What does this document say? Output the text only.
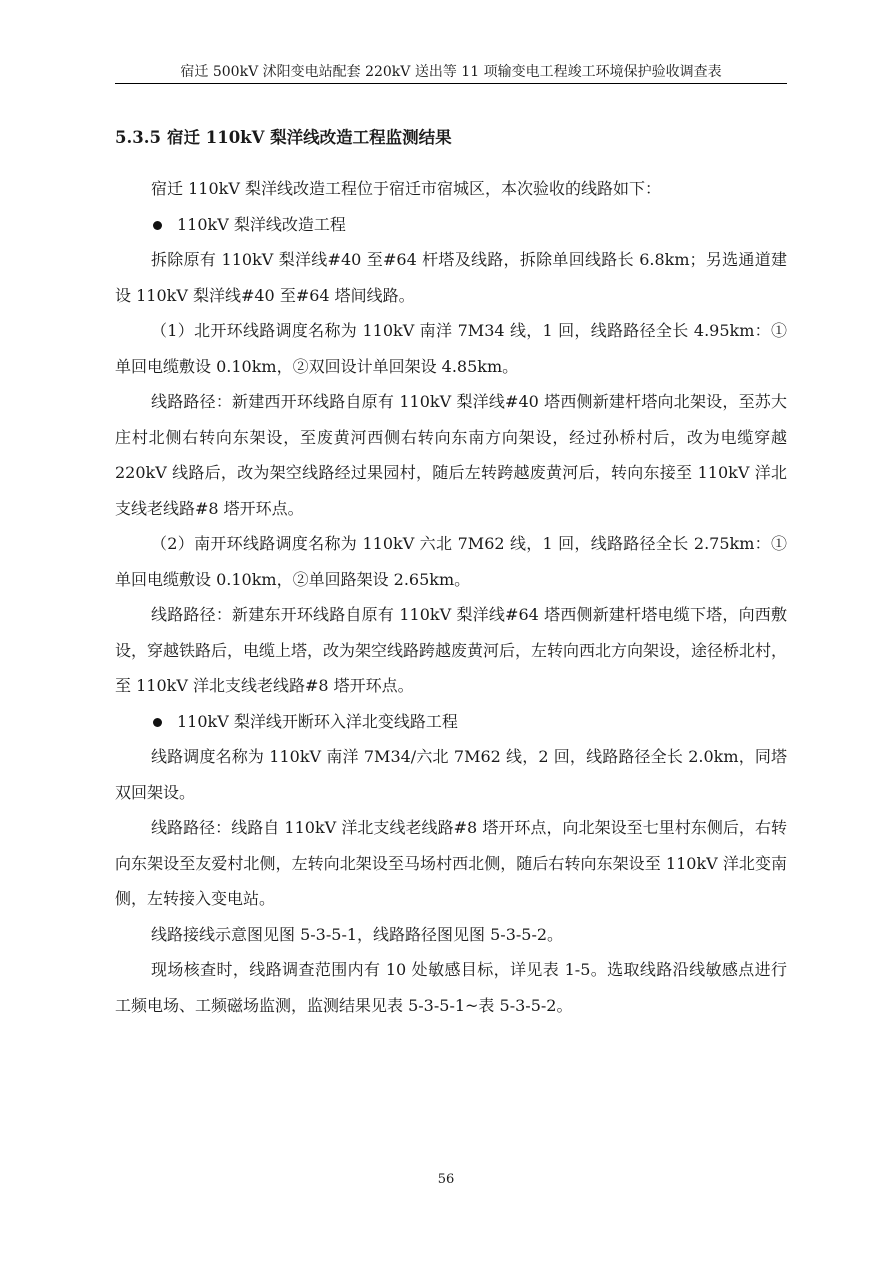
宿迁 500kV 沭阳变电站配套 220kV 送出等 11 项输变电工程竣工环境保护验收调查表
5.3.5 宿迁 110kV 梨洋线改造工程监测结果

宿迁 110kV 梨洋线改造工程位于宿迁市宿城区，本次验收的线路如下：

110kV 梨洋线改造工程

拆除原有 110kV 梨洋线#40 至#64 杆塔及线路，拆除单回线路长 6.8km；另选通道建设 110kV 梨洋线#40 至#64 塔间线路。

（1）北开环线路调度名称为 110kV 南洋 7M34 线，1 回，线路路径全长 4.95km：①单回电缆敷设 0.10km，②双回设计单回架设 4.85km。

线路路径：新建西开环线路自原有 110kV 梨洋线#40 塔西侧新建杆塔向北架设，至苏大庄村北侧右转向东架设，至废黄河西侧右转向东南方向架设，经过孙桥村后，改为电缆穿越 220kV 线路后，改为架空线路经过果园村，随后左转跨越废黄河后，转向东接至 110kV 洋北支线老线路#8 塔开环点。

（2）南开环线路调度名称为 110kV 六北 7M62 线，1 回，线路路径全长 2.75km：①单回电缆敷设 0.10km，②单回路架设 2.65km。

线路路径：新建东开环线路自原有 110kV 梨洋线#64 塔西侧新建杆塔电缆下塔，向西敷设，穿越铁路后，电缆上塔，改为架空线路跨越废黄河后，左转向西北方向架设，途径桥北村，至 110kV 洋北支线老线路#8 塔开环点。

110kV 梨洋线开断环入洋北变线路工程

线路调度名称为 110kV 南洋 7M34/六北 7M62 线，2 回，线路路径全长 2.0km，同塔双回架设。

线路路径：线路自 110kV 洋北支线老线路#8 塔开环点，向北架设至七里村东侧后，右转向东架设至友爱村北侧，左转向北架设至马场村西北侧，随后右转向东架设至 110kV 洋北变南侧，左转接入变电站。

线路接线示意图见图 5-3-5-1，线路路径图见图 5-3-5-2。

现场核查时，线路调查范围内有 10 处敏感目标，详见表 1-5。选取线路沿线敏感点进行工频电场、工频磁场监测，监测结果见表 5-3-5-1~表 5-3-5-2。

56
